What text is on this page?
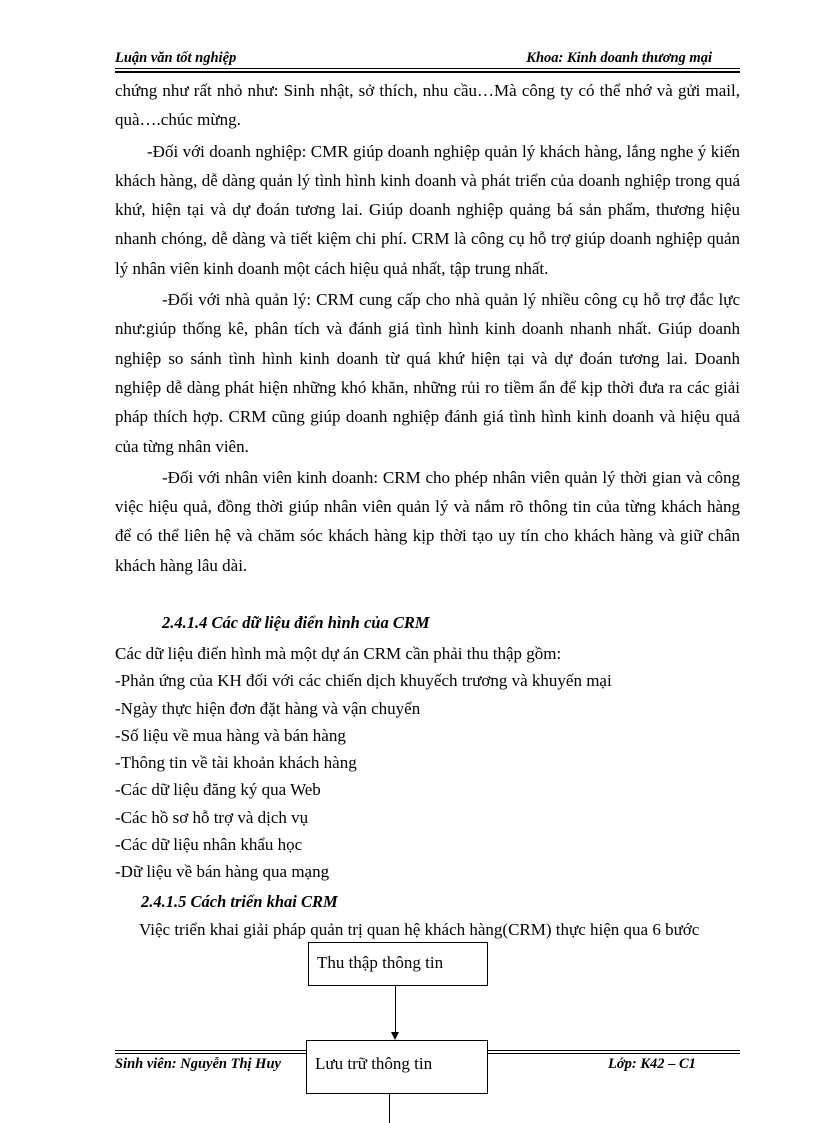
Luận văn tốt nghiệp	Khoa: Kinh doanh thương mại

chứng như rất nhỏ như: Sinh nhật, sở thích, nhu cầu…Mà công ty có thể nhớ và gửi mail, quà….chúc mừng.

-Đối với doanh nghiệp: CMR giúp doanh nghiệp quản lý khách hàng, lắng nghe ý kiến khách hàng, dễ dàng quản lý tình hình kinh doanh và phát triển của doanh nghiệp trong quá khứ, hiện tại và dự đoán tương lai. Giúp doanh nghiệp quảng bá sản phẩm, thương hiệu nhanh chóng, dễ dàng và tiết kiệm chi phí. CRM là công cụ hỗ trợ giúp doanh nghiệp quản lý nhân viên kinh doanh một cách hiệu quả nhất, tập trung nhất.

-Đối với nhà quản lý: CRM cung cấp cho nhà quản lý nhiều công cụ hỗ trợ đắc lực như:giúp thống kê, phân tích và đánh giá tình hình kinh doanh nhanh nhất. Giúp doanh nghiệp so sánh tình hình kinh doanh từ quá khứ hiện tại và dự đoán tương lai. Doanh nghiệp dễ dàng phát hiện những khó khăn, những rủi ro tiềm ẩn để kịp thời đưa ra các giải pháp thích hợp. CRM cũng giúp doanh nghiệp đánh giá tình hình kinh doanh và hiệu quả của từng nhân viên.

-Đối với nhân viên kinh doanh: CRM cho phép nhân viên quản lý thời gian và công việc hiệu quả, đồng thời giúp nhân viên quản lý và nắm rõ thông tin của từng khách hàng để có thể liên hệ và chăm sóc khách hàng kịp thời tạo uy tín cho khách hàng và giữ chân khách hàng lâu dài.

2.4.1.4 Các dữ liệu điển hình của CRM
Các dữ liệu điển hình mà một dự án CRM cần phải thu thập gồm:
-Phản ứng của KH đối với các chiến dịch khuyếch trương và khuyến mại
-Ngày thực hiện đơn đặt hàng và vận chuyển
-Số liệu về mua hàng và bán hàng
-Thông tin về tài khoản khách hàng
-Các dữ liệu đăng ký qua Web
-Các hồ sơ hỗ trợ và dịch vụ
-Các dữ liệu nhân khẩu học
-Dữ liệu về bán hàng qua mạng
2.4.1.5 Cách triển khai CRM

Việc triển khai giải pháp quản trị quan hệ khách hàng(CRM) thực hiện qua 6 bước

Thu thập thông tin
Sinh viên: Nguyễn Thị Huy	Lớp: K42 – C1
Lưu trữ thông tin
